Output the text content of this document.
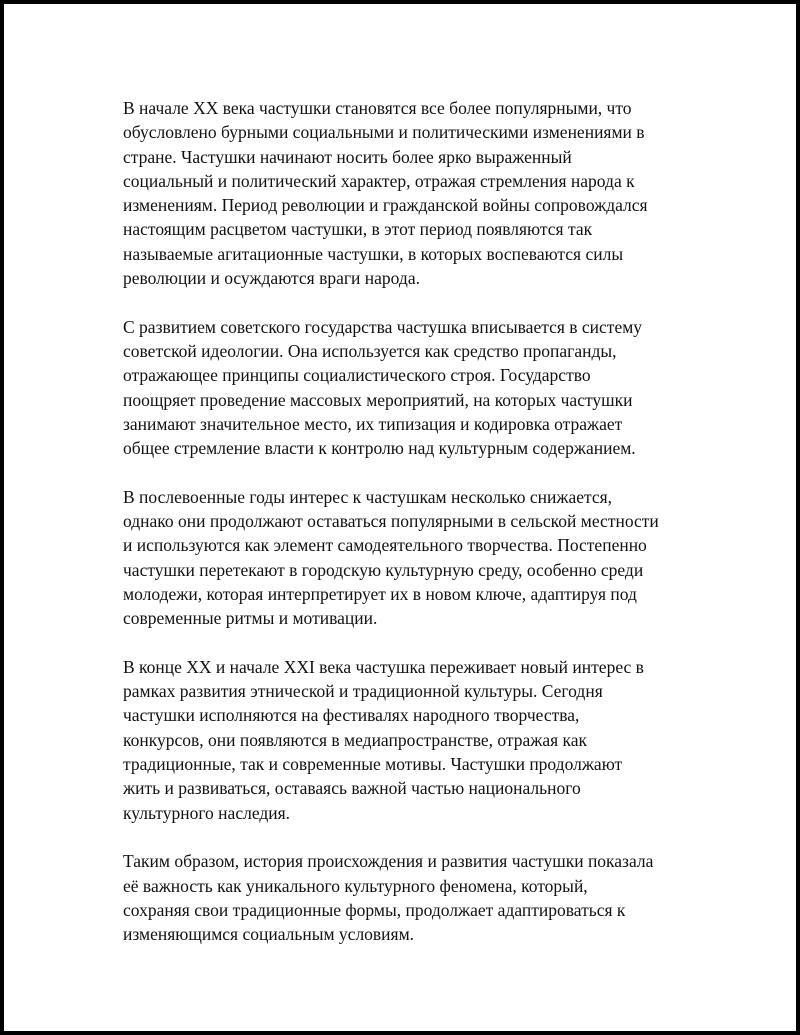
В начале XX века частушки становятся все более популярными, что
обусловлено бурными социальными и политическими изменениями в
стране. Частушки начинают носить более ярко выраженный
социальный и политический характер, отражая стремления народа к
изменениям. Период революции и гражданской войны сопровождался
настоящим расцветом частушки, в этот период появляются так
называемые агитационные частушки, в которых воспеваются силы
революции и осуждаются враги народа.

С развитием советского государства частушка вписывается в систему
советской идеологии. Она используется как средство пропаганды,
отражающее принципы социалистического строя. Государство
поощряет проведение массовых мероприятий, на которых частушки
занимают значительное место, их типизация и кодировка отражает
общее стремление власти к контролю над культурным содержанием.

В послевоенные годы интерес к частушкам несколько снижается,
однако они продолжают оставаться популярными в сельской местности
и используются как элемент самодеятельного творчества. Постепенно
частушки перетекают в городскую культурную среду, особенно среди
молодежи, которая интерпретирует их в новом ключе, адаптируя под
современные ритмы и мотивации.

В конце XX и начале XXI века частушка переживает новый интерес в
рамках развития этнической и традиционной культуры. Сегодня
частушки исполняются на фестивалях народного творчества,
конкурсов, они появляются в медиапространстве, отражая как
традиционные, так и современные мотивы. Частушки продолжают
жить и развиваться, оставаясь важной частью национального
культурного наследия.

Таким образом, история происхождения и развития частушки показала
её важность как уникального культурного феномена, который,
сохраняя свои традиционные формы, продолжает адаптироваться к
изменяющимся социальным условиям.
